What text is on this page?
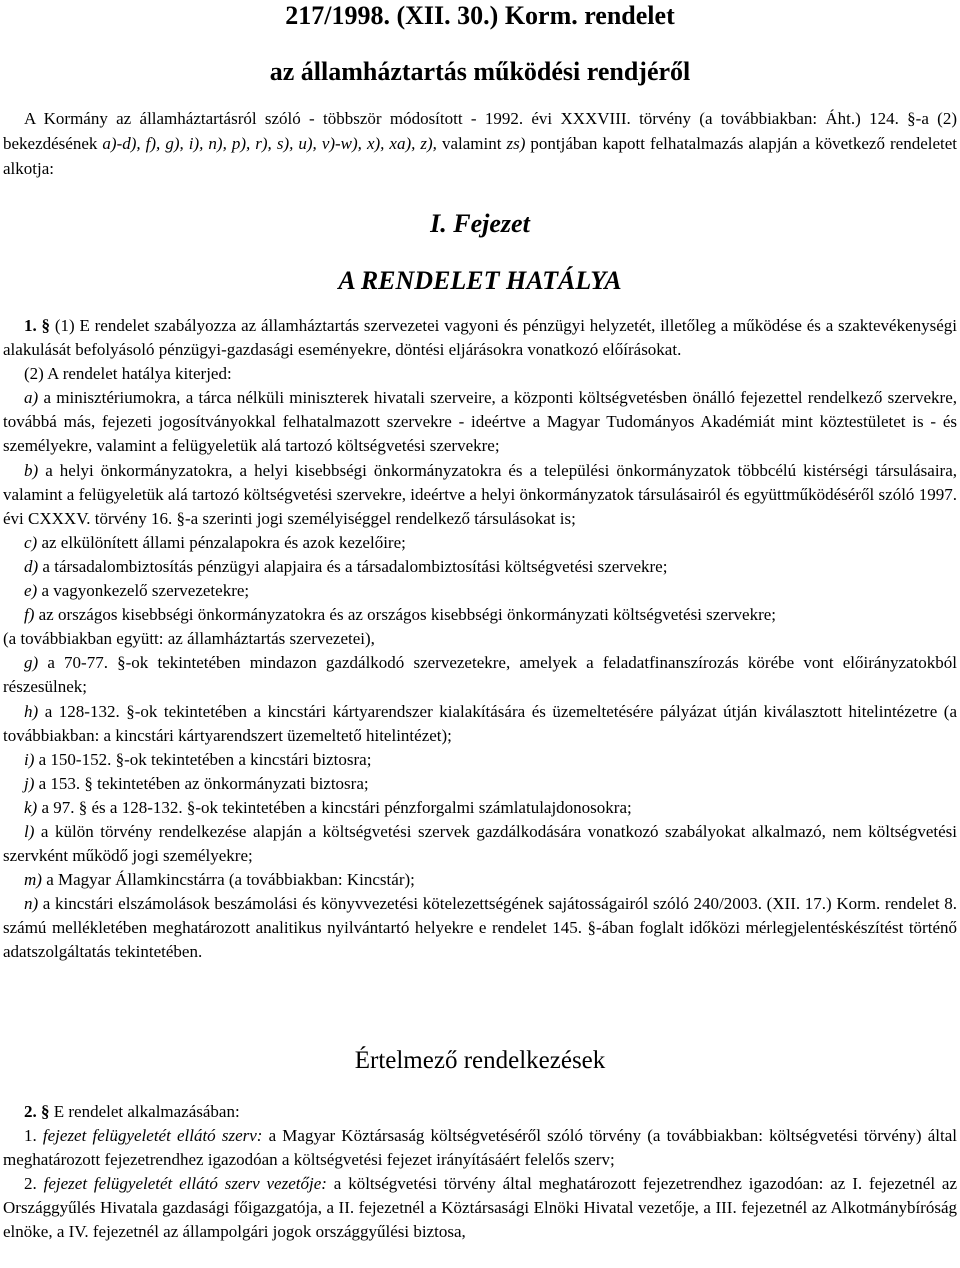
217/1998. (XII. 30.) Korm. rendelet
az államháztartás működési rendjéről
A Kormány az államháztartásról szóló - többször módosított - 1992. évi XXXVIII. törvény (a továbbiakban: Áht.) 124. §-a (2) bekezdésének a)-d), f), g), i), n), p), r), s), u), v)-w), x), xa), z), valamint zs) pontjában kapott felhatalmazás alapján a következő rendeletet alkotja:
I. Fejezet
A RENDELET HATÁLYA

1. § (1) E rendelet szabályozza az államháztartás szervezetei vagyoni és pénzügyi helyzetét, illetőleg a működése és a szaktevékenységi alakulását befolyásoló pénzügyi-gazdasági eseményekre, döntési eljárásokra vonatkozó előírásokat.

(2) A rendelet hatálya kiterjed:

a) a minisztériumokra, a tárca nélküli miniszterek hivatali szerveire, a központi költségvetésben önálló fejezettel rendelkező szervekre, továbbá más, fejezeti jogosítványokkal felhatalmazott szervekre - ideértve a Magyar Tudományos Akadémiát mint köztestületet is - és személyekre, valamint a felügyeletük alá tartozó költségvetési szervekre;

b) a helyi önkormányzatokra, a helyi kisebbségi önkormányzatokra és a települési önkormányzatok többcélú kistérségi társulásaira, valamint a felügyeletük alá tartozó költségvetési szervekre, ideértve a helyi önkormányzatok társulásairól és együttműködéséről szóló 1997. évi CXXXV. törvény 16. §-a szerinti jogi személyiséggel rendelkező társulásokat is;

c) az elkülönített állami pénzalapokra és azok kezelőire;

d) a társadalombiztosítás pénzügyi alapjaira és a társadalombiztosítási költségvetési szervekre;

e) a vagyonkezelő szervezetekre;

f) az országos kisebbségi önkormányzatokra és az országos kisebbségi önkormányzati költségvetési szervekre;

(a továbbiakban együtt: az államháztartás szervezetei),

g) a 70-77. §-ok tekintetében mindazon gazdálkodó szervezetekre, amelyek a feladatfinanszírozás körébe vont előirányzatokból részesülnek;

h) a 128-132. §-ok tekintetében a kincstári kártyarendszer kialakítására és üzemeltetésére pályázat útján kiválasztott hitelintézetre (a továbbiakban: a kincstári kártyarendszert üzemeltető hitelintézet);

i) a 150-152. §-ok tekintetében a kincstári biztosra;

j) a 153. § tekintetében az önkormányzati biztosra;

k) a 97. § és a 128-132. §-ok tekintetében a kincstári pénzforgalmi számlatulajdonosokra;

l) a külön törvény rendelkezése alapján a költségvetési szervek gazdálkodására vonatkozó szabályokat alkalmazó, nem költségvetési szervként működő jogi személyekre;

m) a Magyar Államkincstárra (a továbbiakban: Kincstár);

n) a kincstári elszámolások beszámolási és könyvvezetési kötelezettségének sajátosságairól szóló 240/2003. (XII. 17.) Korm. rendelet 8. számú mellékletében meghatározott analitikus nyilvántartó helyekre e rendelet 145. §-ában foglalt időközi mérlegjelentéskészítést történő adatszolgáltatás tekintetében.

Értelmező rendelkezések

2. § E rendelet alkalmazásában:

1. fejezet felügyeletét ellátó szerv: a Magyar Köztársaság költségvetéséről szóló törvény (a továbbiakban: költségvetési törvény) által meghatározott fejezetrendhez igazodóan a költségvetési fejezet irányításáért felelős szerv;

2. fejezet felügyeletét ellátó szerv vezetője: a költségvetési törvény által meghatározott fejezetrendhez igazodóan: az I. fejezetnél az Országgyűlés Hivatala gazdasági főigazgatója, a II. fejezetnél a Köztársasági Elnöki Hivatal vezetője, a III. fejezetnél az Alkotmánybíróság elnöke, a IV. fejezetnél az állampolgári jogok országgyűlési biztosa,
